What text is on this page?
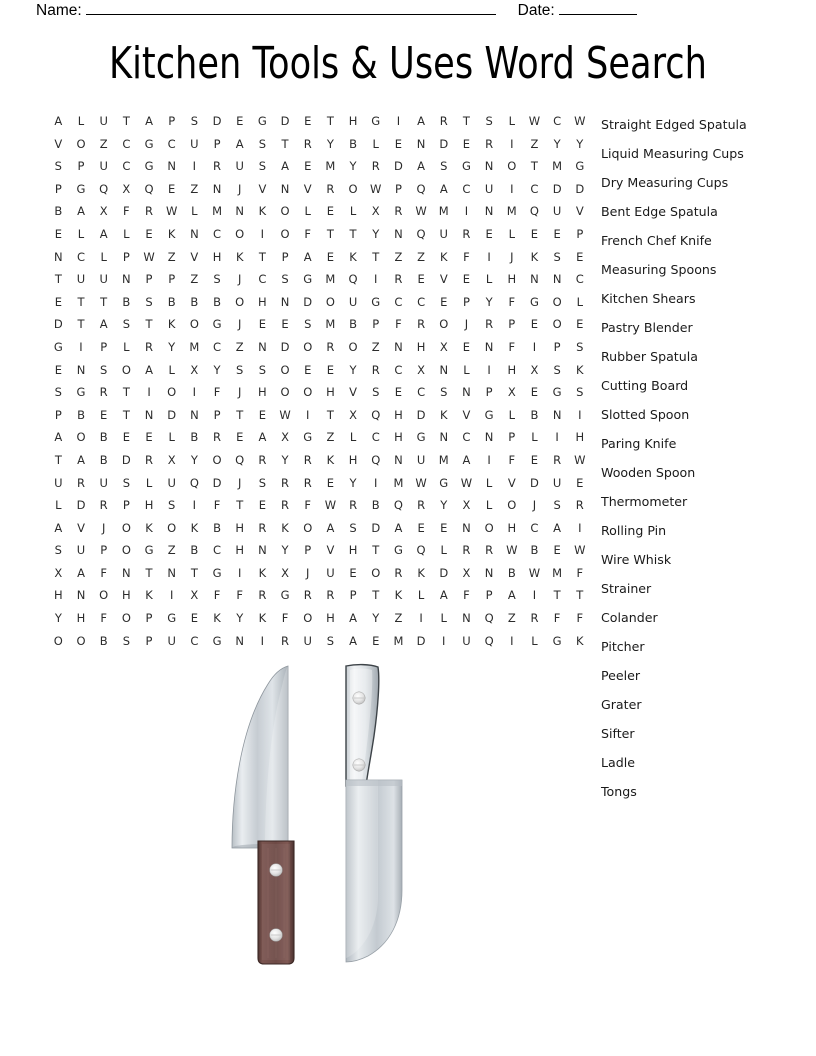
Name:	Date:
Kitchen Tools & Uses Word Search
A	L	U	T	A	P	S	D	E	G	D	E	T	H	G	I	A	R	T	S	L	W	C	W
V	O	Z	C	G	C	U	P	A	S	T	R	Y	B	L	E	N	D	E	R	I	Z	Y	Y
S	P	U	C	G	N	I	R	U	S	A	E	M	Y	R	D	A	S	G	N	O	T	M	G
P	G	Q	X	Q	E	Z	N	J	V	N	V	R	O	W	P	Q	A	C	U	I	C	D	D
B	A	X	F	R	W	L	M	N	K	O	L	E	L	X	R	W	M	I	N	M	Q	U	V
E	L	A	L	E	K	N	C	O	I	O	F	T	T	Y	N	Q	U	R	E	L	E	E	P
N	C	L	P	W	Z	V	H	K	T	P	A	E	K	T	Z	Z	K	F	I	J	K	S	E
T	U	U	N	P	P	Z	S	J	C	S	G	M	Q	I	R	E	V	E	L	H	N	N	C
E	T	T	B	S	B	B	B	O	H	N	D	O	U	G	C	C	E	P	Y	F	G	O	L
D	T	A	S	T	K	O	G	J	E	E	S	M	B	P	F	R	O	J	R	P	E	O	E
G	I	P	L	R	Y	M	C	Z	N	D	O	R	O	Z	N	H	X	E	N	F	I	P	S
E	N	S	O	A	L	X	Y	S	S	O	E	E	Y	R	C	X	N	L	I	H	X	S	K
S	G	R	T	I	O	I	F	J	H	O	O	H	V	S	E	C	S	N	P	X	E	G	S
P	B	E	T	N	D	N	P	T	E	W	I	T	X	Q	H	D	K	V	G	L	B	N	I
A	O	B	E	E	L	B	R	E	A	X	G	Z	L	C	H	G	N	C	N	P	L	I	H
T	A	B	D	R	X	Y	O	Q	R	Y	R	K	H	Q	N	U	M	A	I	F	E	R	W
U	R	U	S	L	U	Q	D	J	S	R	R	E	Y	I	M	W	G	W	L	V	D	U	E
L	D	R	P	H	S	I	F	T	E	R	F	W	R	B	Q	R	Y	X	L	O	J	S	R
A	V	J	O	K	O	K	B	H	R	K	O	A	S	D	A	E	E	N	O	H	C	A	I
S	U	P	O	G	Z	B	C	H	N	Y	P	V	H	T	G	Q	L	R	R	W	B	E	W
X	A	F	N	T	N	T	G	I	K	X	J	U	E	O	R	K	D	X	N	B	W	M	F
H	N	O	H	K	I	X	F	F	R	G	R	R	P	T	K	L	A	F	P	A	I	T	T
Y	H	F	O	P	G	E	K	Y	K	F	O	H	A	Y	Z	I	L	N	Q	Z	R	F	F
O	O	B	S	P	U	C	G	N	I	R	U	S	A	E	M	D	I	U	Q	I	L	G	K
Straight Edged Spatula
Liquid Measuring Cups
Dry Measuring Cups
Bent Edge Spatula
French Chef Knife
Measuring Spoons
Kitchen Shears
Pastry Blender
Rubber Spatula
Cutting Board
Slotted Spoon
Paring Knife
Wooden Spoon
Thermometer
Rolling Pin
Wire Whisk
Strainer
Colander
Pitcher
Peeler
Grater
Sifter
Ladle
Tongs
